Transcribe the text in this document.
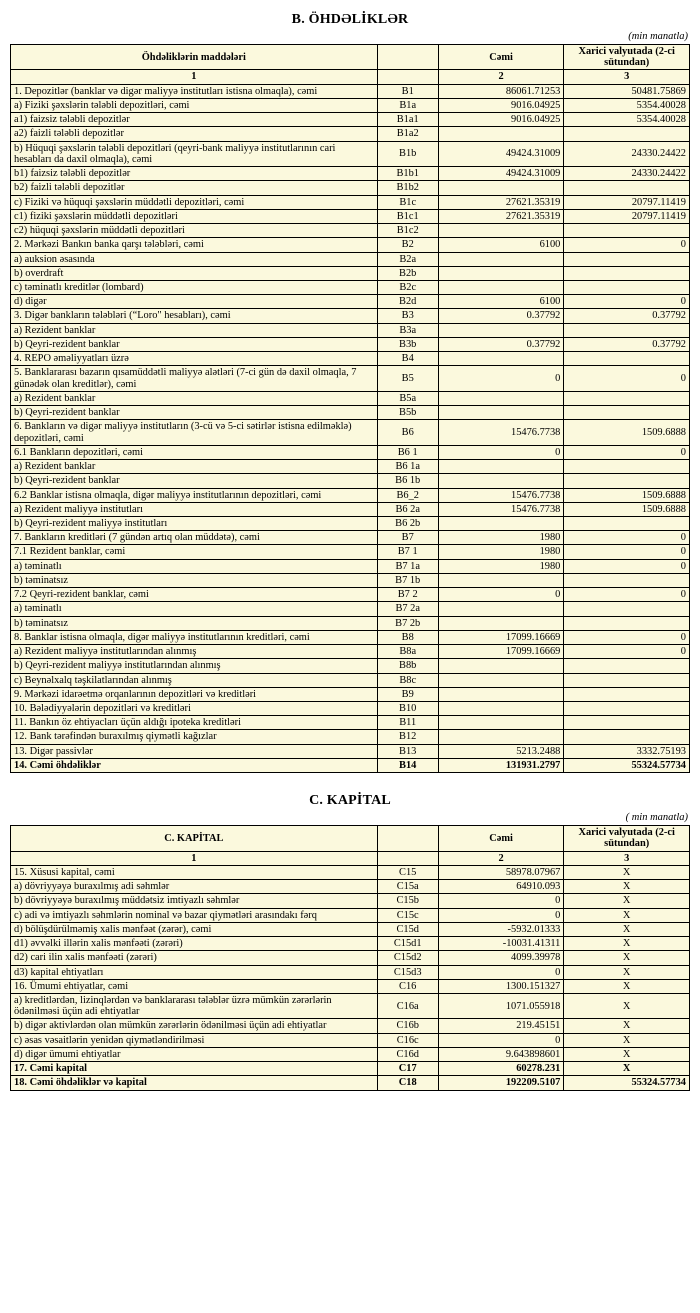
B. ÖHDƏLİKLƏR
(min manatla)
Öhdəliklərin maddələri		Cəmi	Xarici valyutada (2-ci sütundan)
1		2	3
1. Depozitlər (banklar və digər maliyyə institutları istisna olmaqla), cəmi	B1	86061.71253	50481.75869
a) Fiziki şəxslərin tələbli depozitləri, cəmi	B1a	9016.04925	5354.40028
a1) faizsiz tələbli depozitlər	B1a1	9016.04925	5354.40028
a2) faizli tələbli depozitlər	B1a2		
b) Hüquqi şəxslərin tələbli depozitləri (qeyri-bank maliyyə institutlarının cari hesabları da daxil olmaqla), cəmi	B1b	49424.31009	24330.24422
b1) faizsiz tələbli depozitlər	B1b1	49424.31009	24330.24422
b2) faizli tələbli depozitlər	B1b2		
c) Fiziki və hüquqi şəxslərin müddətli depozitləri, cəmi	B1c	27621.35319	20797.11419
c1) fiziki şəxslərin müddətli depozitləri	B1c1	27621.35319	20797.11419
c2) hüquqi şəxslərin müddətli depozitləri	B1c2		
2. Mərkəzi Bankın banka qarşı tələbləri, cəmi	B2	6100	0
a) auksion əsasında	B2a		
b) overdraft	B2b		
c) təminatlı kreditlər (lombard)	B2c		
d) digər	B2d	6100	0
3. Digər bankların tələbləri (“Loro" hesabları), cəmi	B3	0.37792	0.37792
a) Rezident banklar	B3a		
b) Qeyri-rezident banklar	B3b	0.37792	0.37792
4. REPO əməliyyatları üzrə	B4		
5. Banklararası bazarın qısamüddətli maliyyə alətləri (7-ci gün də daxil olmaqla, 7 günədək olan kreditlər), cəmi	B5	0	0
a) Rezident banklar	B5a		
b) Qeyri-rezident banklar	B5b		
6. Bankların və digər maliyyə institutların (3-cü və 5-ci sətirlər istisna edilməklə) depozitləri, cəmi	B6	15476.7738	1509.6888
6.1 Bankların depozitləri, cəmi	B6 1	0	0
a) Rezident banklar	B6 1a		
b) Qeyri-rezident banklar	B6 1b		
6.2 Banklar istisna olmaqla, digər maliyyə institutlarının depozitləri, cəmi	B6_2	15476.7738	1509.6888
a) Rezident maliyyə institutları	B6 2a	15476.7738	1509.6888
b) Qeyri-rezident maliyyə institutları	B6 2b		
7. Bankların kreditləri (7 gündən artıq olan müddətə), cəmi	B7	1980	0
7.1 Rezident banklar, cəmi	B7 1	1980	0
a) təminatlı	B7 1a	1980	0
b) təminatsız	B7 1b		
7.2 Qeyri-rezident banklar, cəmi	B7 2	0	0
a) təminatlı	B7 2a		
b) təminatsız	B7 2b		
8. Banklar istisna olmaqla, digər maliyyə institutlarının kreditləri, cəmi	B8	17099.16669	0
a) Rezident maliyyə institutlarından alınmış	B8a	17099.16669	0
b) Qeyri-rezident maliyyə institutlarından alınmış	B8b		
c) Beynəlxalq təşkilatlarından alınmış	B8c		
9. Mərkəzi idarəetmə orqanlarının depozitləri və kreditləri	B9		
10. Bələdiyyələrin depozitləri və kreditləri	B10		
11. Bankın öz ehtiyacları üçün aldığı ipoteka kreditləri	B11		
12. Bank tərəfindən buraxılmış qiymətli kağızlar	B12		
13. Digər passivlər	B13	5213.2488	3332.75193
14. Cəmi öhdəliklər	B14	131931.2797	55324.57734
C. KAPİTAL
( min manatla)
C. KAPİTAL		Cəmi	Xarici valyutada (2-ci sütundan)
1		2	3
15. Xüsusi kapital, cəmi	C15	58978.07967	X
a) dövriyyəyə buraxılmış adi səhmlər	C15a	64910.093	X
b) dövriyyəyə buraxılmış müddətsiz imtiyazlı səhmlər	C15b	0	X
c) adi və imtiyazlı səhmlərin nominal və bazar qiymətləri arasındakı fərq	C15c	0	X
d) bölüşdürülməmiş xalis mənfəət (zərər), cəmi	C15d	-5932.01333	X
d1) əvvəlki illərin xalis mənfəəti (zərəri)	C15d1	-10031.41311	X
d2) cari ilin xalis mənfəəti (zərəri)	C15d2	4099.39978	X
d3) kapital ehtiyatları	C15d3	0	X
16. Ümumi ehtiyatlar, cəmi	C16	1300.151327	X
a) kreditlərdən, lizinqlərdən və banklararası tələblər üzrə mümkün zərərlərin ödənilməsi üçün adi ehtiyatlar	C16a	1071.055918	X
b) digər aktivlərdən olan mümkün zərərlərin ödənilməsi üçün adi ehtiyatlar	C16b	219.45151	X
c) əsas vəsaitlərin yenidən qiymətləndirilməsi	C16c	0	X
d) digər ümumi ehtiyatlar	C16d	9.643898601	X
17. Cəmi kapital	C17	60278.231	X
18. Cəmi öhdəliklər və kapital	C18	192209.5107	55324.57734
